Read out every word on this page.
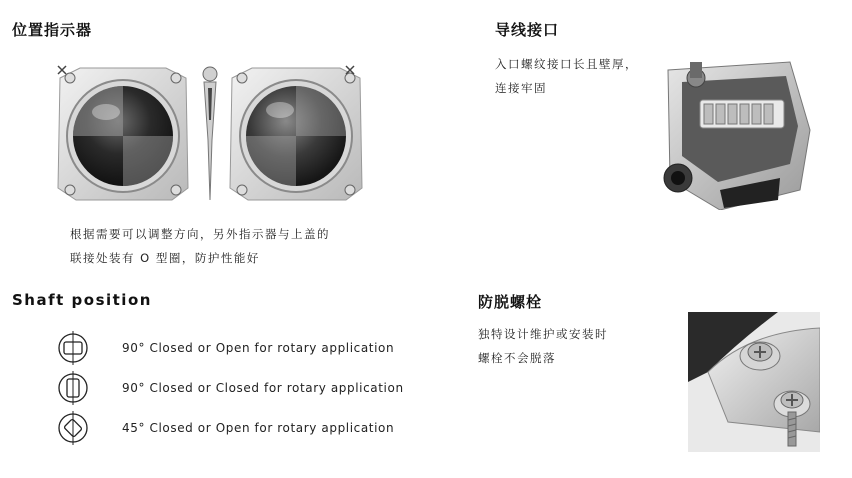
位置指示器
根据需要可以调整方向，另外指示器与上盖的
联接处装有 O 型圈，防护性能好
导线接口
入口螺纹接口长且壁厚，
连接牢固
Shaft position
90° Closed or Open for rotary application
90° Closed or Closed for rotary application
45° Closed or Open for rotary application
防脱螺栓
独特设计维护或安装时
螺栓不会脱落
